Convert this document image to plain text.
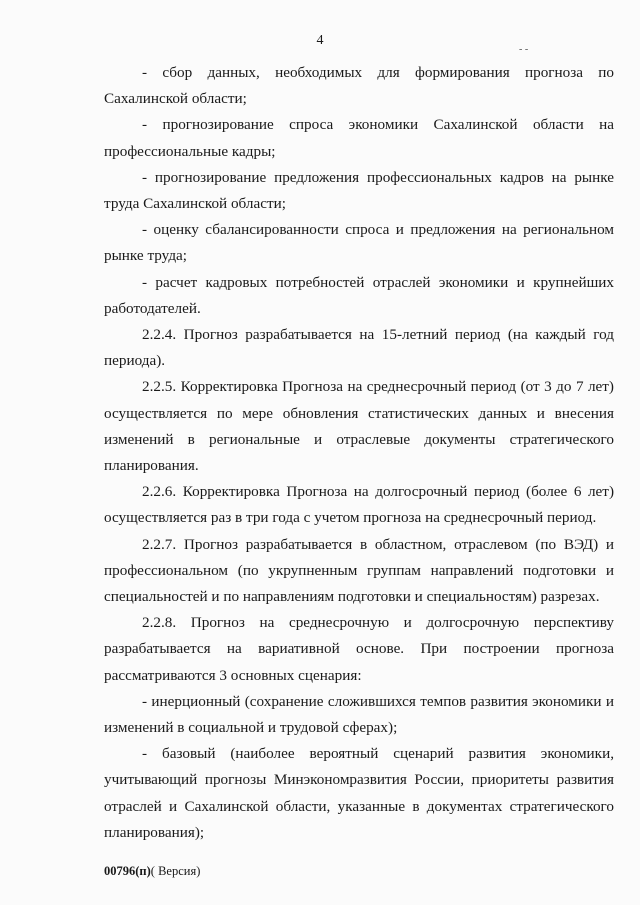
4
- -

- сбор данных, необходимых для формирования прогноза по Сахалинской области;

- прогнозирование спроса экономики Сахалинской области на профессиональные кадры;

- прогнозирование предложения профессиональных кадров на рынке труда Сахалинской области;

- оценку сбалансированности спроса и предложения на региональном рынке труда;

- расчет кадровых потребностей отраслей экономики и крупнейших работодателей.

2.2.4. Прогноз разрабатывается на 15-летний период (на каждый год периода).

2.2.5. Корректировка Прогноза на среднесрочный период (от 3 до 7 лет) осуществляется по мере обновления статистических данных и внесения изменений в региональные и отраслевые документы стратегического планирования.

2.2.6. Корректировка Прогноза на долгосрочный период (более 6 лет) осуществляется раз в три года с учетом прогноза на среднесрочный период.

2.2.7. Прогноз разрабатывается в областном, отраслевом (по ВЭД) и профессиональном (по укрупненным группам направлений подготовки и специальностей и по направлениям подготовки и специальностям) разрезах.

2.2.8. Прогноз на среднесрочную и долгосрочную перспективу разрабатывается на вариативной основе. При построении прогноза рассматриваются 3 основных сценария:

- инерционный (сохранение сложившихся темпов развития экономики и изменений в социальной и трудовой сферах);

- базовый (наиболее вероятный сценарий развития экономики, учитывающий прогнозы Минэкономразвития России, приоритеты развития отраслей и Сахалинской области, указанные в документах стратегического планирования);

00796(п)( Версия)
